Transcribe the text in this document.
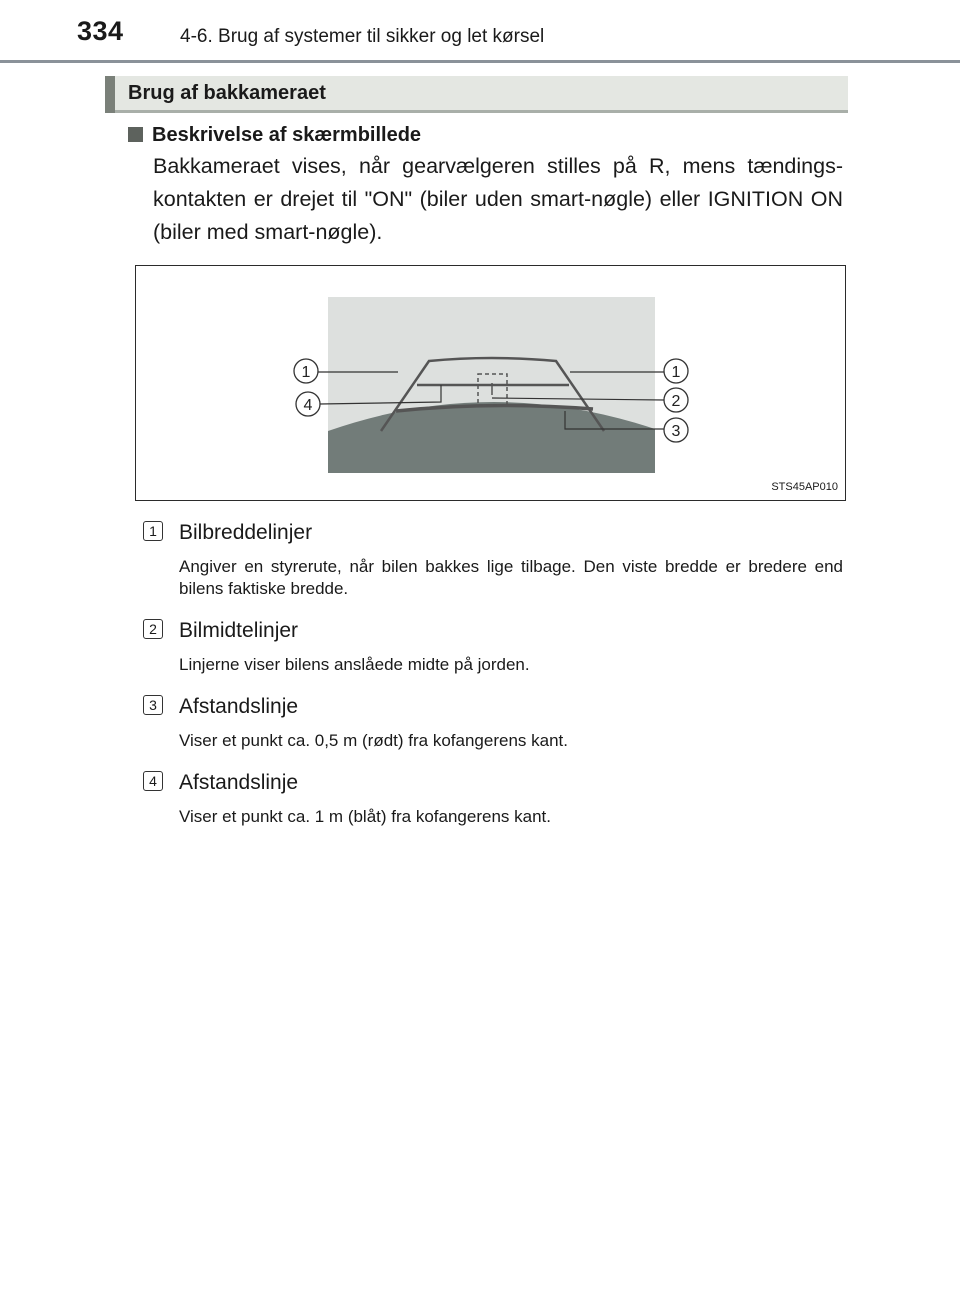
334	4-6. Brug af systemer til sikker og let kørsel
Brug af bakkameraet
Beskrivelse af skærmbillede
Bakkameraet vises, når gearvælgeren stilles på R, mens tændingskontakten er drejet til "ON" (biler uden smart-nøgle) eller IGNITION ON (biler med smart-nøgle).
1	1
4	2
3
STS45AP010
1 Bilbreddelinjer
Angiver en styrerute, når bilen bakkes lige tilbage. Den viste bredde er bredere end bilens faktiske bredde.
2 Bilmidtelinjer
Linjerne viser bilens anslåede midte på jorden.
3 Afstandslinje
Viser et punkt ca. 0,5 m (rødt) fra kofangerens kant.
4 Afstandslinje
Viser et punkt ca. 1 m (blåt) fra kofangerens kant.
